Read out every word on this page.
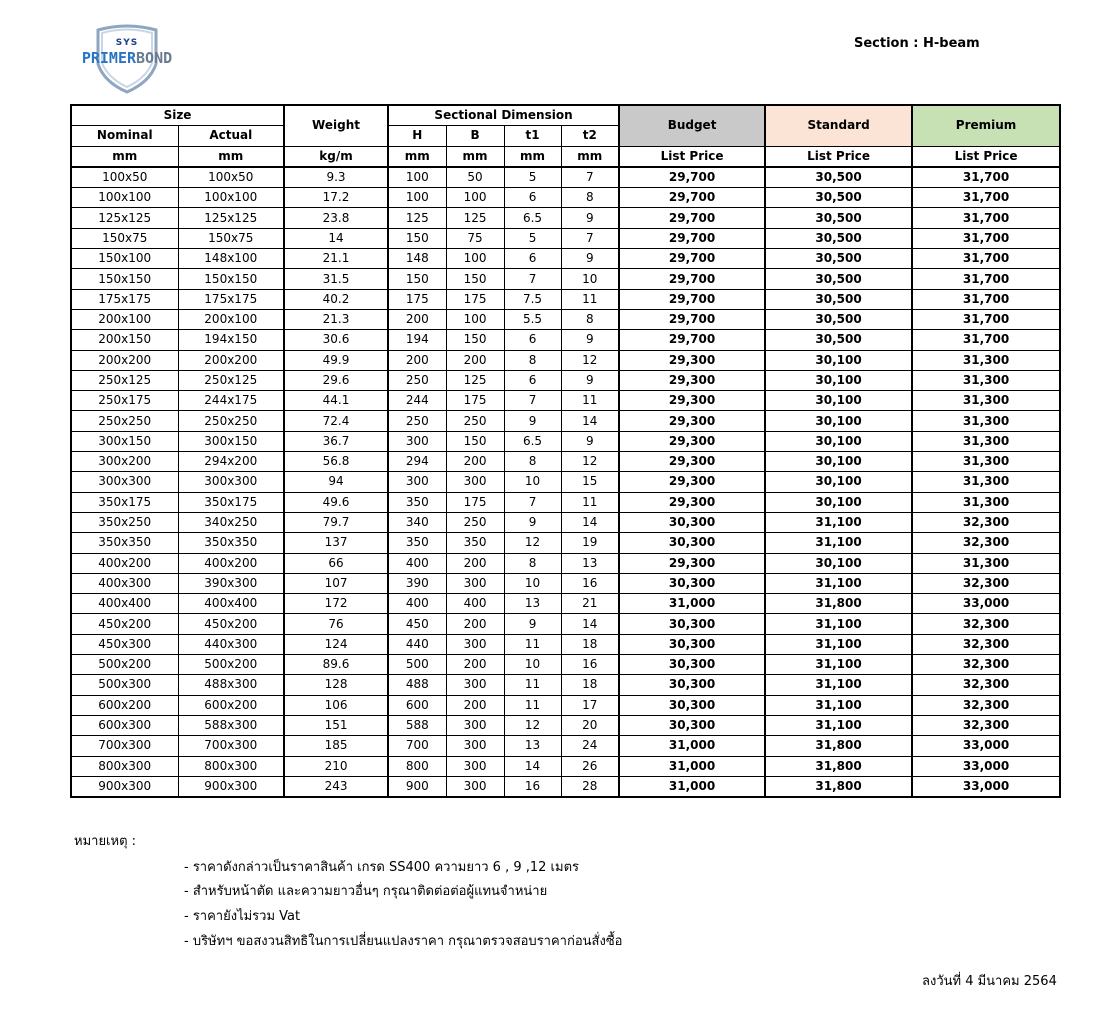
SYS
PRIMERBOND
Section : H-beam
Size		Weight	Sectional Dimension				Budget	Standard	Premium
Nominal	Actual		H	B	t1	t2			
mm	mm	kg/m	mm	mm	mm	mm	List Price	List Price	List Price
100x50	100x50	9.3	100	50	5	7	29,700	30,500	31,700
100x100	100x100	17.2	100	100	6	8	29,700	30,500	31,700
125x125	125x125	23.8	125	125	6.5	9	29,700	30,500	31,700
150x75	150x75	14	150	75	5	7	29,700	30,500	31,700
150x100	148x100	21.1	148	100	6	9	29,700	30,500	31,700
150x150	150x150	31.5	150	150	7	10	29,700	30,500	31,700
175x175	175x175	40.2	175	175	7.5	11	29,700	30,500	31,700
200x100	200x100	21.3	200	100	5.5	8	29,700	30,500	31,700
200x150	194x150	30.6	194	150	6	9	29,700	30,500	31,700
200x200	200x200	49.9	200	200	8	12	29,300	30,100	31,300
250x125	250x125	29.6	250	125	6	9	29,300	30,100	31,300
250x175	244x175	44.1	244	175	7	11	29,300	30,100	31,300
250x250	250x250	72.4	250	250	9	14	29,300	30,100	31,300
300x150	300x150	36.7	300	150	6.5	9	29,300	30,100	31,300
300x200	294x200	56.8	294	200	8	12	29,300	30,100	31,300
300x300	300x300	94	300	300	10	15	29,300	30,100	31,300
350x175	350x175	49.6	350	175	7	11	29,300	30,100	31,300
350x250	340x250	79.7	340	250	9	14	30,300	31,100	32,300
350x350	350x350	137	350	350	12	19	30,300	31,100	32,300
400x200	400x200	66	400	200	8	13	29,300	30,100	31,300
400x300	390x300	107	390	300	10	16	30,300	31,100	32,300
400x400	400x400	172	400	400	13	21	31,000	31,800	33,000
450x200	450x200	76	450	200	9	14	30,300	31,100	32,300
450x300	440x300	124	440	300	11	18	30,300	31,100	32,300
500x200	500x200	89.6	500	200	10	16	30,300	31,100	32,300
500x300	488x300	128	488	300	11	18	30,300	31,100	32,300
600x200	600x200	106	600	200	11	17	30,300	31,100	32,300
600x300	588x300	151	588	300	12	20	30,300	31,100	32,300
700x300	700x300	185	700	300	13	24	31,000	31,800	33,000
800x300	800x300	210	800	300	14	26	31,000	31,800	33,000
900x300	900x300	243	900	300	16	28	31,000	31,800	33,000
หมายเหตุ :
- ราคาดังกล่าวเป็นราคาสินค้า เกรด SS400 ความยาว 6 , 9 ,12 เมตร
- สำหรับหน้าตัด และความยาวอื่นๆ กรุณาติดต่อต่อผู้แทนจำหน่าย
- ราคายังไม่รวม Vat
- บริษัทฯ ขอสงวนสิทธิในการเปลี่ยนแปลงราคา กรุณาตรวจสอบราคาก่อนสั่งซื้อ
ลงวันที่ 4 มีนาคม 2564
